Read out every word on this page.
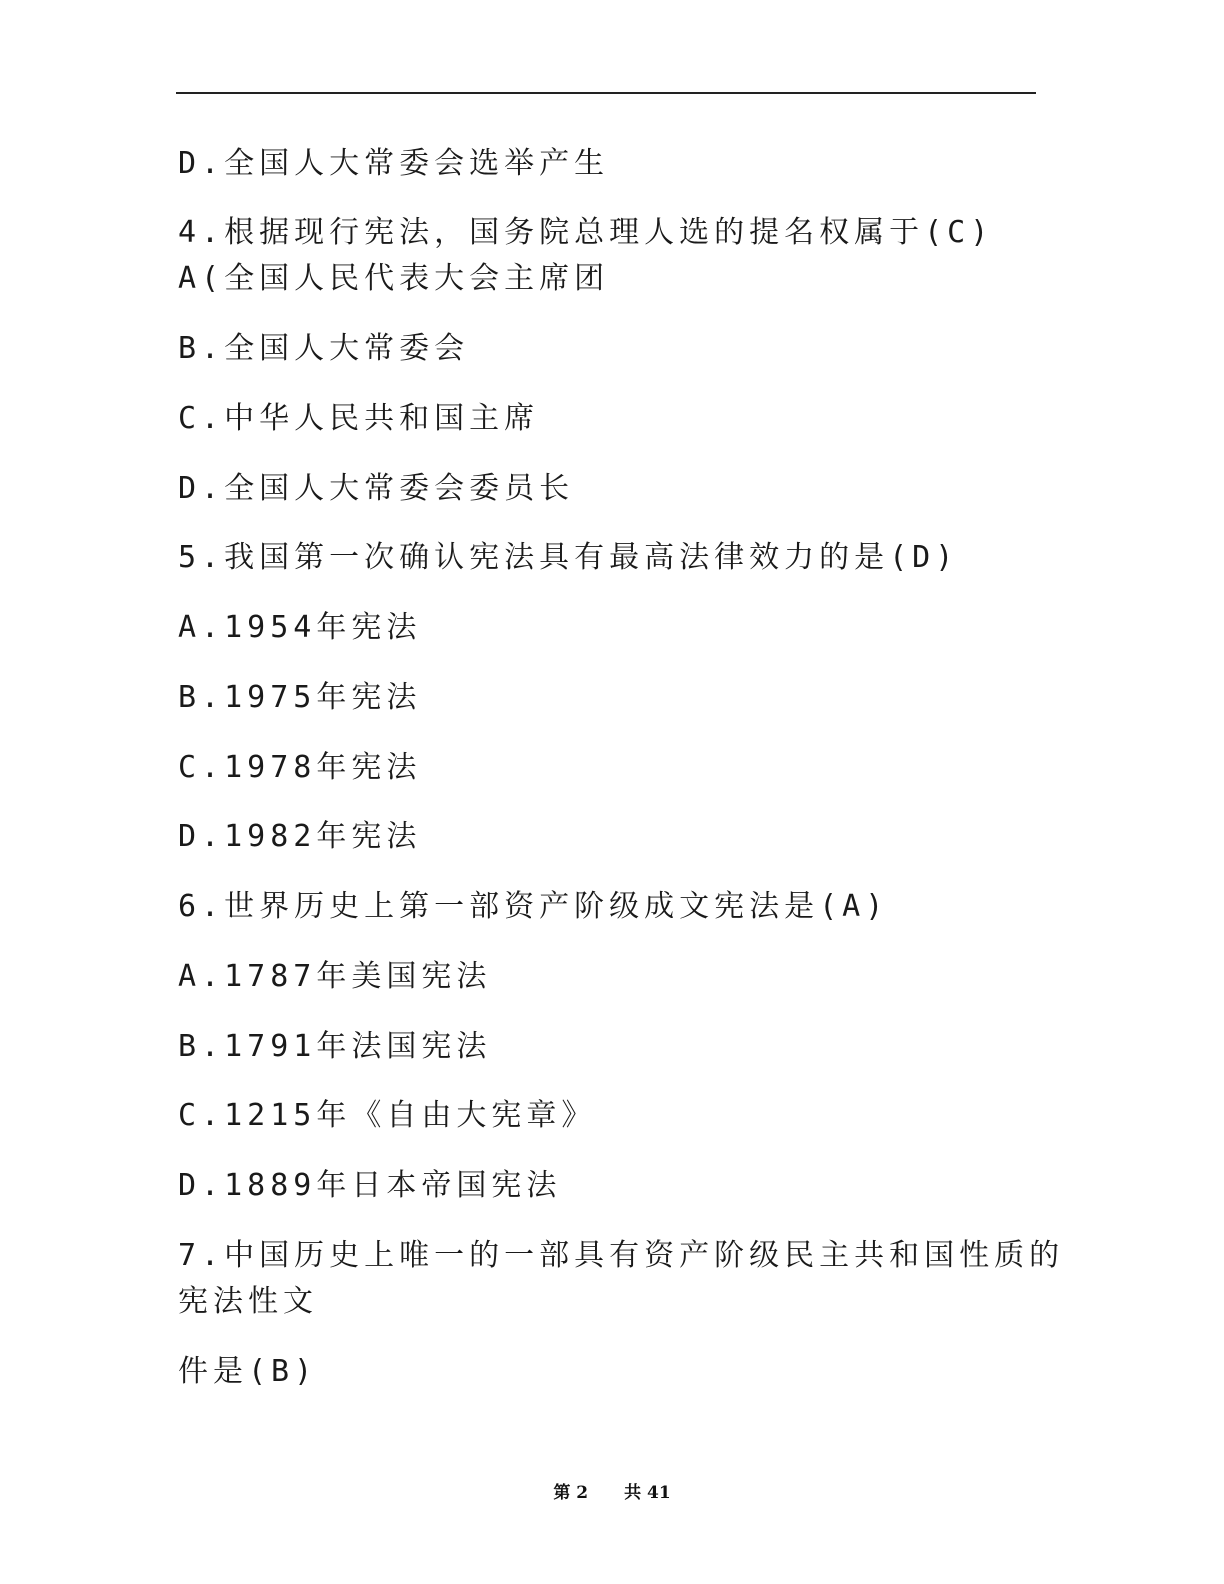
D.全国人大常委会选举产生
4.根据现行宪法，国务院总理人选的提名权属于(C)
A(全国人民代表大会主席团
B.全国人大常委会
C.中华人民共和国主席
D.全国人大常委会委员长
5.我国第一次确认宪法具有最高法律效力的是(D)
A.1954年宪法
B.1975年宪法
C.1978年宪法
D.1982年宪法
6.世界历史上第一部资产阶级成文宪法是(A)
A.1787年美国宪法
B.1791年法国宪法
C.1215年《自由大宪章》
D.1889年日本帝国宪法
7.中国历史上唯一的一部具有资产阶级民主共和国性质的
宪法性文
件是(B)
第 2 共 41
